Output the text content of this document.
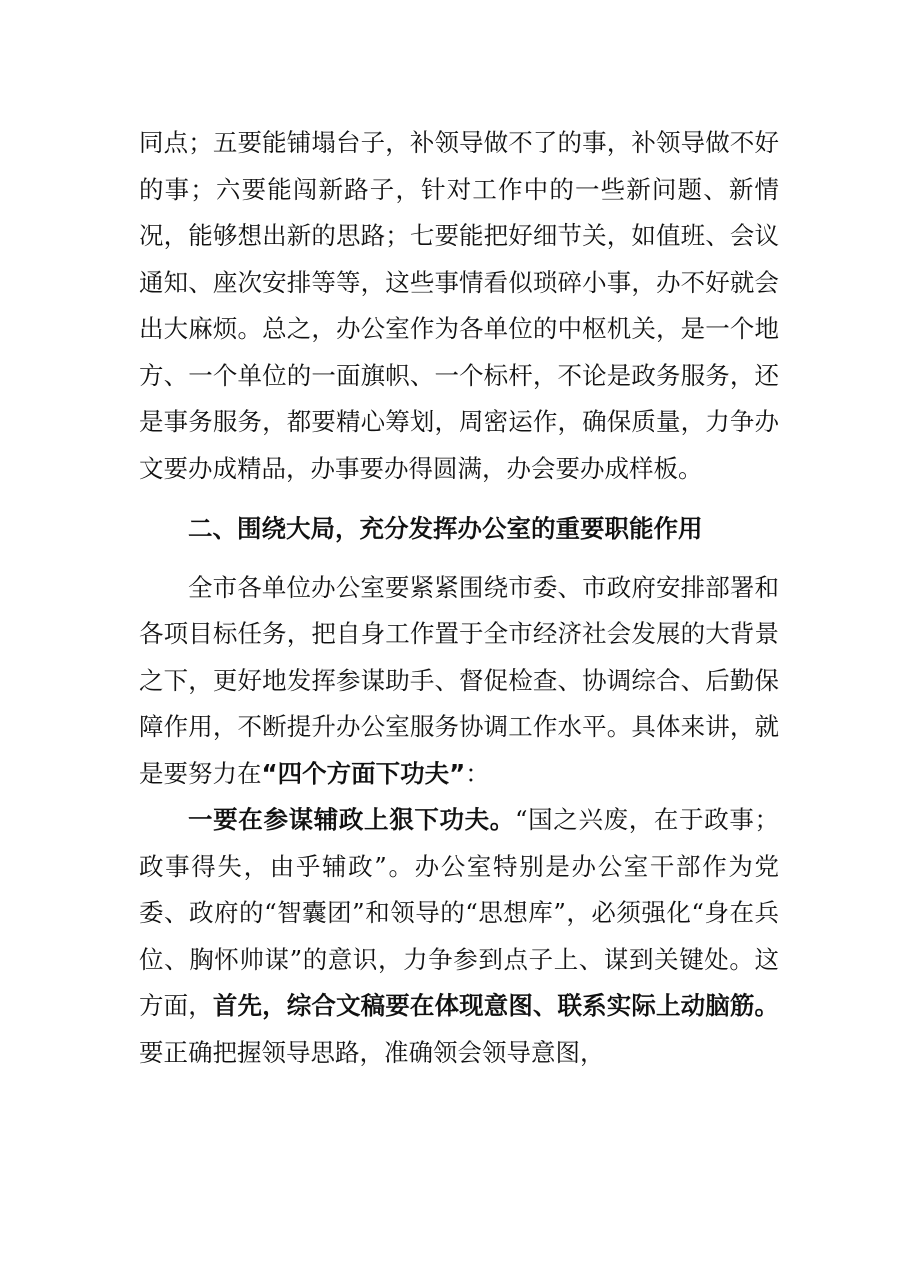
同点；五要能铺塌台子，补领导做不了的事，补领导做不好的事；六要能闯新路子，针对工作中的一些新问题、新情况，能够想出新的思路；七要能把好细节关，如值班、会议通知、座次安排等等，这些事情看似琐碎小事，办不好就会出大麻烦。总之，办公室作为各单位的中枢机关，是一个地方、一个单位的一面旗帜、一个标杆，不论是政务服务，还是事务服务，都要精心筹划，周密运作，确保质量，力争办文要办成精品，办事要办得圆满，办会要办成样板。

二、围绕大局，充分发挥办公室的重要职能作用

全市各单位办公室要紧紧围绕市委、市政府安排部署和各项目标任务，把自身工作置于全市经济社会发展的大背景之下，更好地发挥参谋助手、督促检查、协调综合、后勤保障作用，不断提升办公室服务协调工作水平。具体来讲，就是要努力在“四个方面下功夫”：

一要在参谋辅政上狠下功夫。“国之兴废，在于政事；政事得失，由乎辅政”。办公室特别是办公室干部作为党委、政府的“智囊团”和领导的“思想库”，必须强化“身在兵位、胸怀帅谋”的意识，力争参到点子上、谋到关键处。这方面，首先，综合文稿要在体现意图、联系实际上动脑筋。要正确把握领导思路，准确领会领导意图，
